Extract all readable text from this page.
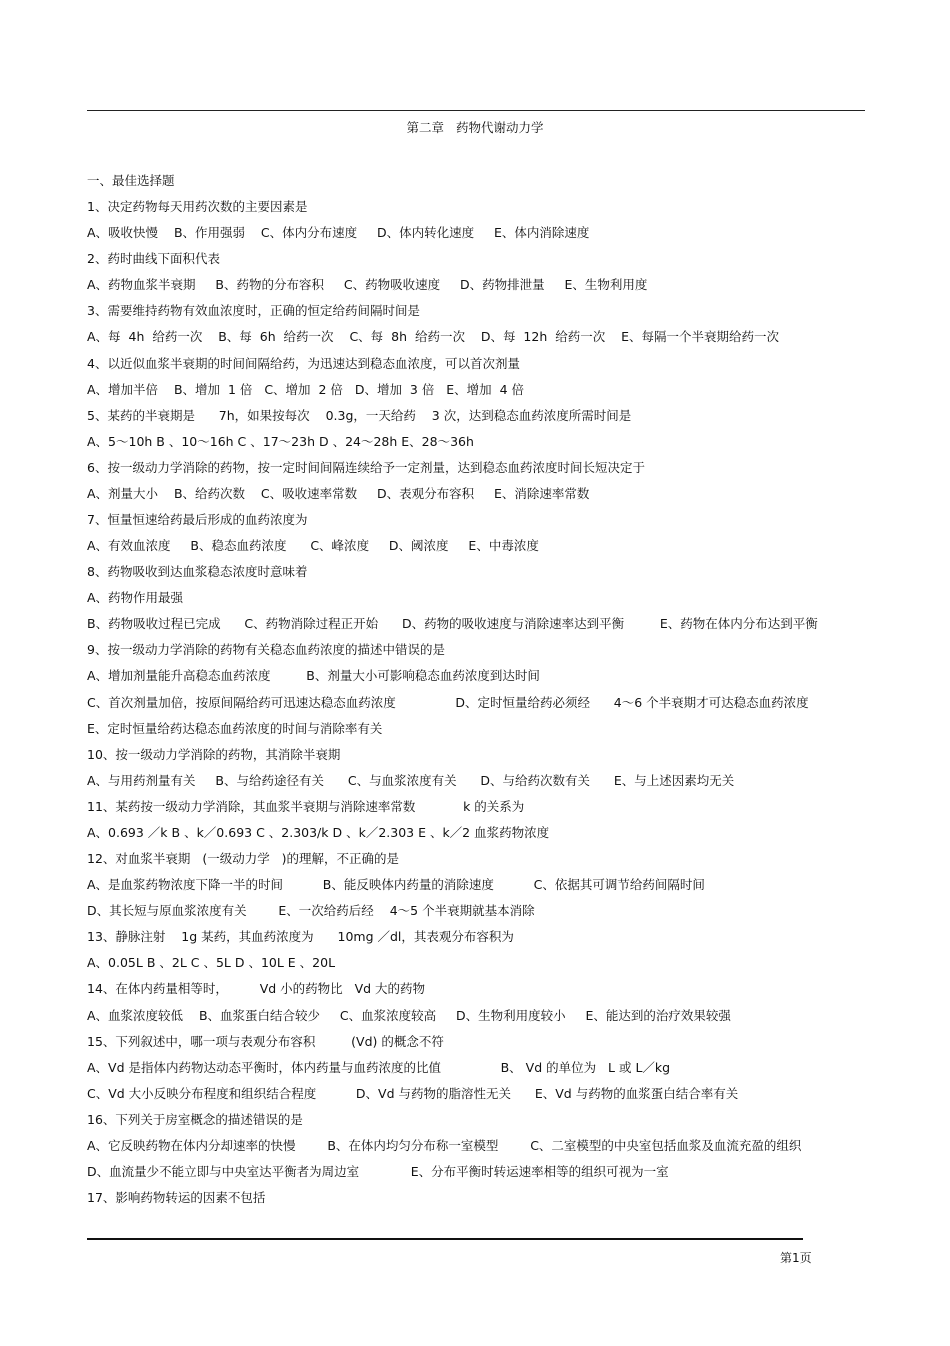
第二章   药物代谢动力学
一、最佳选择题
1、决定药物每天用药次数的主要因素是
A、吸收快慢    B、作用强弱    C、体内分布速度     D、体内转化速度     E、体内消除速度
2、药时曲线下面积代表
A、药物血浆半衰期     B、药物的分布容积     C、药物吸收速度     D、药物排泄量     E、生物利用度
3、需要维持药物有效血浓度时，正确的恒定给药间隔时间是
A、每  4h  给药一次    B、每  6h  给药一次    C、每  8h  给药一次    D、每  12h  给药一次    E、每隔一个半衰期给药一次
4、以近似血浆半衰期的时间间隔给药，为迅速达到稳态血浓度，可以首次剂量
A、增加半倍    B、增加  1 倍   C、增加  2 倍   D、增加  3 倍   E、增加  4 倍
5、某药的半衰期是      7h，如果按每次    0.3g，一天给药    3 次，达到稳态血药浓度所需时间是
A、5～10h B 、10～16h C 、17～23h D 、24～28h E、28～36h
6、按一级动力学消除的药物，按一定时间间隔连续给予一定剂量，达到稳态血药浓度时间长短决定于
A、剂量大小    B、给药次数    C、吸收速率常数     D、表观分布容积     E、消除速率常数
7、恒量恒速给药最后形成的血药浓度为
A、有效血浓度     B、稳态血药浓度      C、峰浓度     D、阈浓度     E、中毒浓度
8、药物吸收到达血浆稳态浓度时意味着
A、药物作用最强
B、药物吸收过程已完成      C、药物消除过程正开始      D、药物的吸收速度与消除速率达到平衡         E、药物在体内分布达到平衡
9、按一级动力学消除的药物有关稳态血药浓度的描述中错误的是
A、增加剂量能升高稳态血药浓度         B、剂量大小可影响稳态血药浓度到达时间
C、首次剂量加倍，按原间隔给药可迅速达稳态血药浓度               D、定时恒量给药必须经      4～6 个半衰期才可达稳态血药浓度
E、定时恒量给药达稳态血药浓度的时间与消除率有关
10、按一级动力学消除的药物，其消除半衰期
A、与用药剂量有关     B、与给药途径有关      C、与血浆浓度有关      D、与给药次数有关      E、与上述因素均无关
11、某药按一级动力学消除，其血浆半衰期与消除速率常数            k 的关系为
A、0.693 ／k B 、k／0.693 C 、2.303/k D 、k／2.303 E 、k／2 血浆药物浓度
12、对血浆半衰期   (一级动力学   )的理解，不正确的是
A、是血浆药物浓度下降一半的时间          B、能反映体内药量的消除速度          C、依据其可调节给药间隔时间
D、其长短与原血浆浓度有关        E、一次给药后经    4～5 个半衰期就基本消除
13、静脉注射    1g 某药，其血药浓度为      10mg ／dl，其表观分布容积为
A、0.05L B 、2L C 、5L D 、10L E 、20L
14、在体内药量相等时，        Vd 小的药物比   Vd 大的药物
A、血浆浓度较低    B、血浆蛋白结合较少     C、血浆浓度较高     D、生物利用度较小     E、能达到的治疗效果较强
15、下列叙述中，哪一项与表观分布容积         (Vd) 的概念不符
A、Vd 是指体内药物达动态平衡时，体内药量与血药浓度的比值               B、 Vd 的单位为   L 或 L／kg
C、Vd 大小反映分布程度和组织结合程度          D、Vd 与药物的脂溶性无关      E、Vd 与药物的血浆蛋白结合率有关
16、下列关于房室概念的描述错误的是
A、它反映药物在体内分却速率的快慢        B、在体内均匀分布称一室模型        C、二室模型的中央室包括血浆及血流充盈的组织
D、血流量少不能立即与中央室达平衡者为周边室             E、分布平衡时转运速率相等的组织可视为一室
17、影响药物转运的因素不包括
第1页
